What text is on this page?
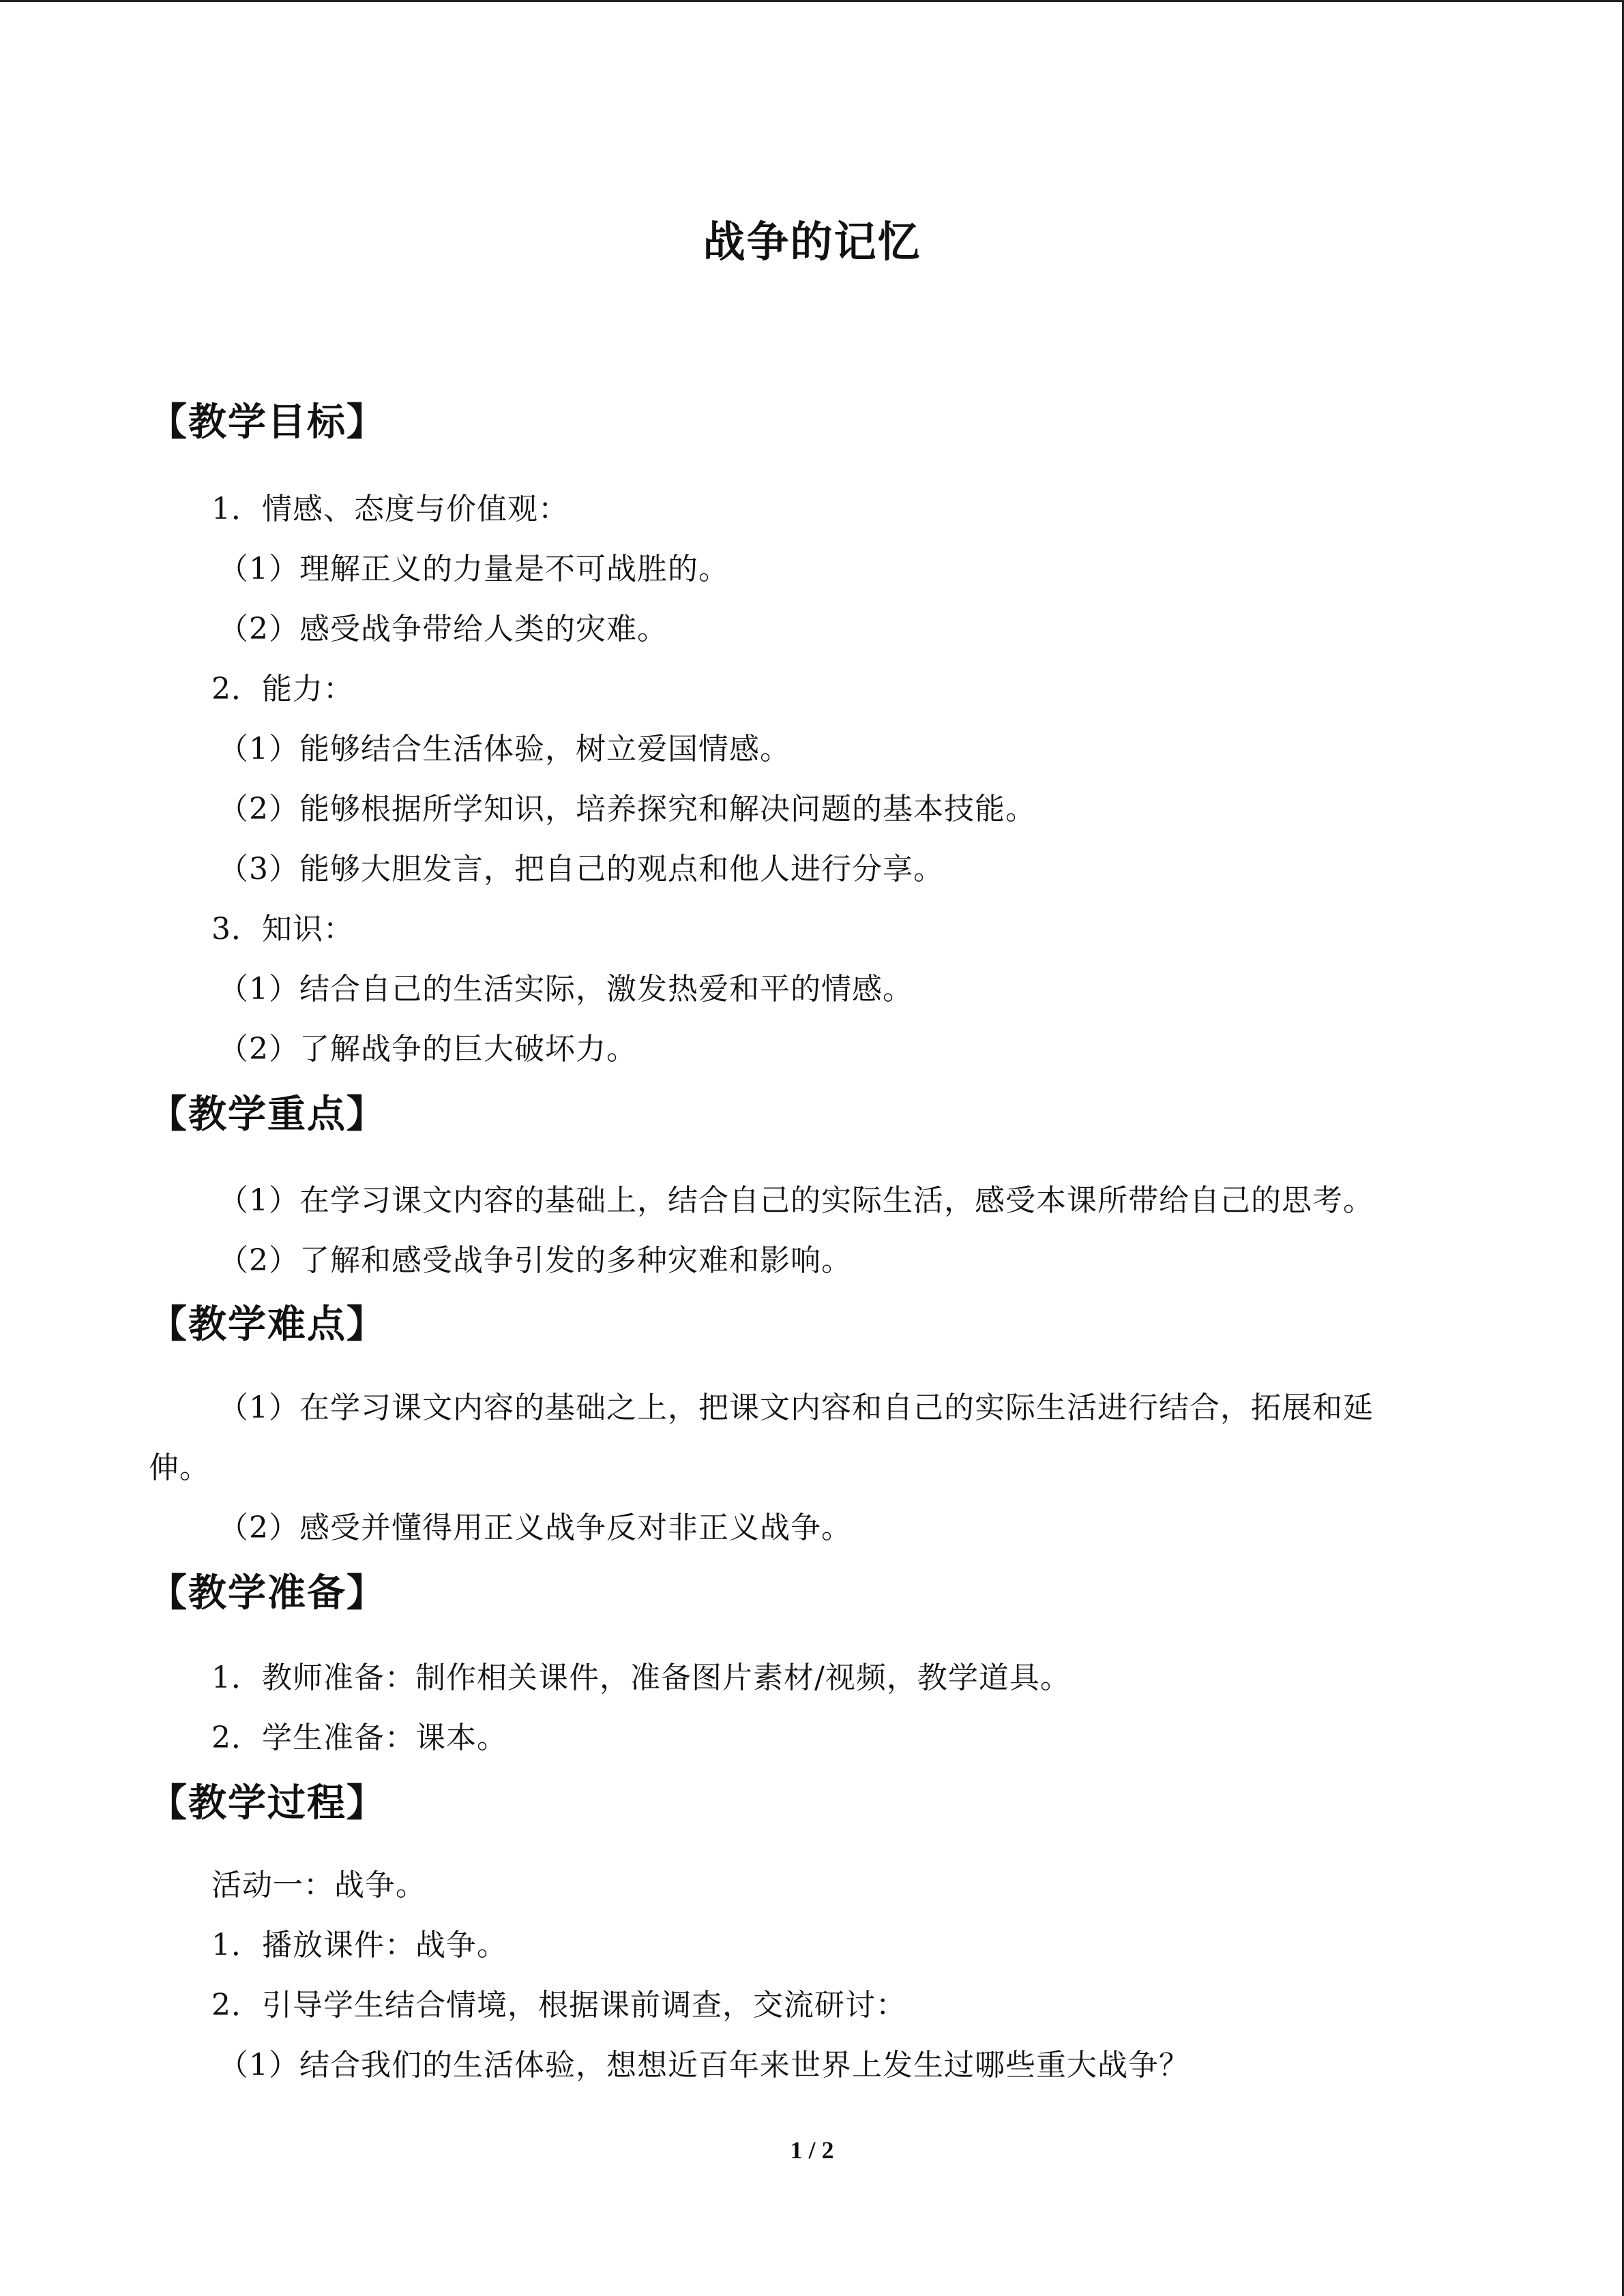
战争的记忆
【教学目标】
1．情感、态度与价值观：
（1）理解正义的力量是不可战胜的。
（2）感受战争带给人类的灾难。
2．能力：
（1）能够结合生活体验，树立爱国情感。
（2）能够根据所学知识，培养探究和解决问题的基本技能。
（3）能够大胆发言，把自己的观点和他人进行分享。
3．知识：
（1）结合自己的生活实际，激发热爱和平的情感。
（2）了解战争的巨大破坏力。
【教学重点】
（1）在学习课文内容的基础上，结合自己的实际生活，感受本课所带给自己的思考。
（2）了解和感受战争引发的多种灾难和影响。
【教学难点】
（1）在学习课文内容的基础之上，把课文内容和自己的实际生活进行结合，拓展和延
伸。
（2）感受并懂得用正义战争反对非正义战争。
【教学准备】
1．教师准备：制作相关课件，准备图片素材/视频，教学道具。
2．学生准备：课本。
【教学过程】
活动一：战争。
1．播放课件：战争。
2．引导学生结合情境，根据课前调查，交流研讨：
（1）结合我们的生活体验，想想近百年来世界上发生过哪些重大战争？
1 / 2
